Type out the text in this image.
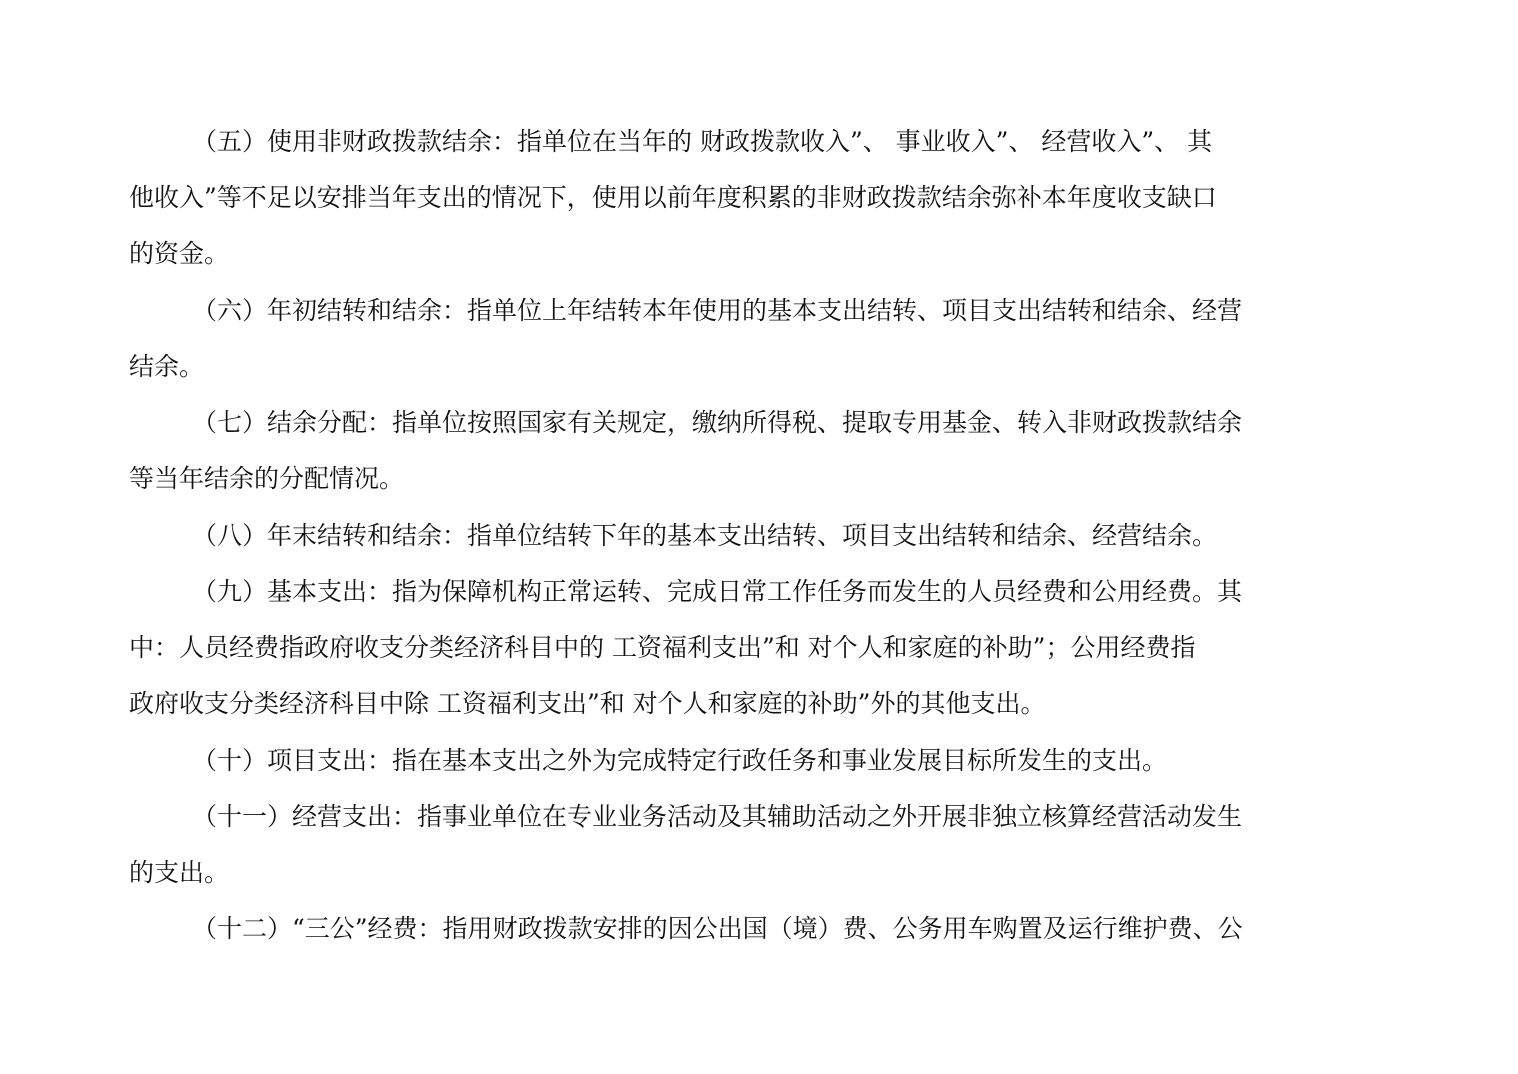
（五）使用非财政拨款结余：指单位在当年的 财政拨款收入”、 事业收入”、 经营收入”、 其
他收入”等不足以安排当年支出的情况下，使用以前年度积累的非财政拨款结余弥补本年度收支缺口
的资金。
（六）年初结转和结余：指单位上年结转本年使用的基本支出结转、项目支出结转和结余、经营
结余。
（七）结余分配：指单位按照国家有关规定，缴纳所得税、提取专用基金、转入非财政拨款结余
等当年结余的分配情况。
（八）年末结转和结余：指单位结转下年的基本支出结转、项目支出结转和结余、经营结余。
（九）基本支出：指为保障机构正常运转、完成日常工作任务而发生的人员经费和公用经费。其
中：人员经费指政府收支分类经济科目中的 工资福利支出”和 对个人和家庭的补助”；公用经费指
政府收支分类经济科目中除 工资福利支出”和 对个人和家庭的补助”外的其他支出。
（十）项目支出：指在基本支出之外为完成特定行政任务和事业发展目标所发生的支出。
（十一）经营支出：指事业单位在专业业务活动及其辅助活动之外开展非独立核算经营活动发生
的支出。
（十二）“三公”经费：指用财政拨款安排的因公出国（境）费、公务用车购置及运行维护费、公
